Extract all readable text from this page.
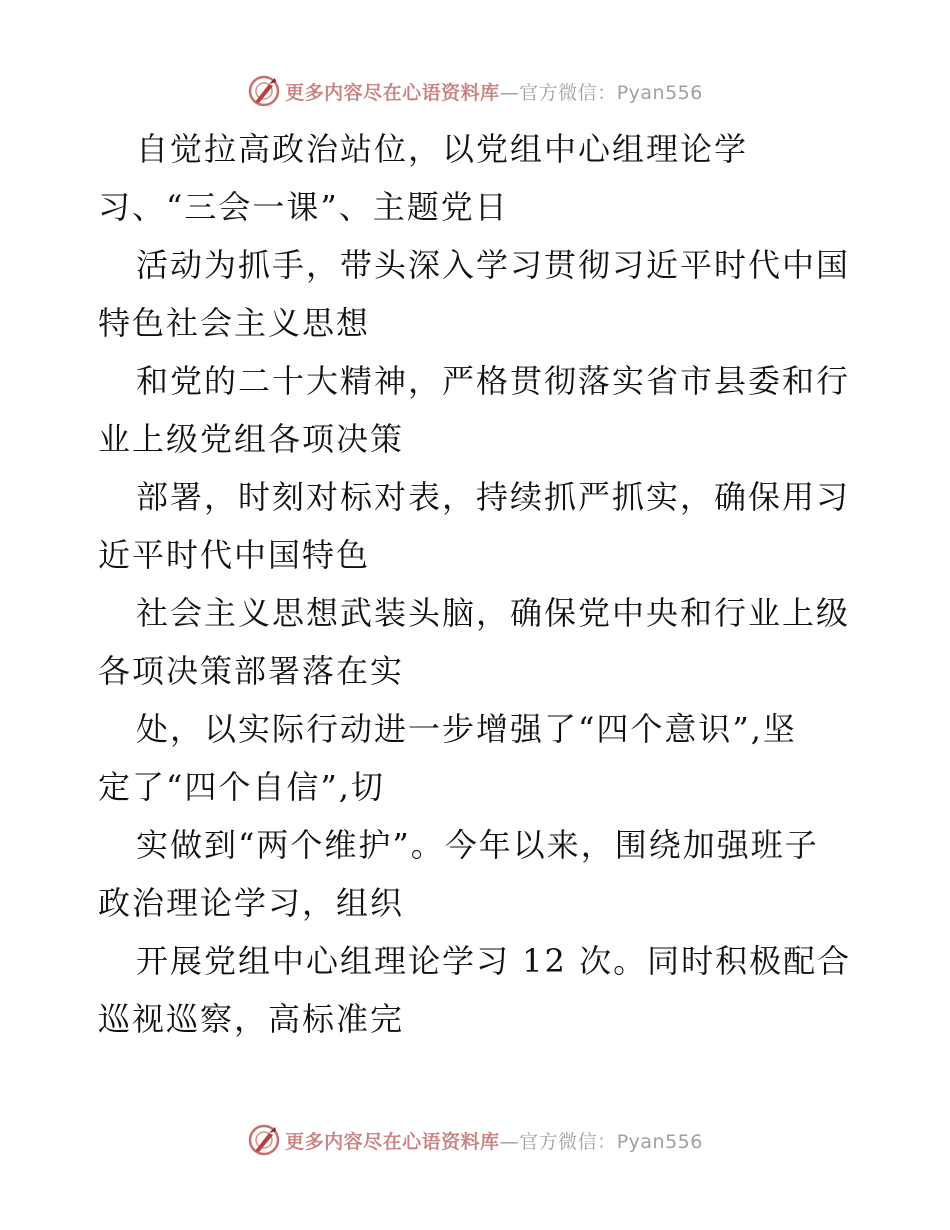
更多内容尽在心语资料库—官方微信：Pyan556
自觉拉高政治站位，以党组中心组理论学
习、“三会一课”、主题党日
活动为抓手，带头深入学习贯彻习近平时代中国
特色社会主义思想
和党的二十大精神，严格贯彻落实省市县委和行
业上级党组各项决策
部署，时刻对标对表，持续抓严抓实，确保用习
近平时代中国特色
社会主义思想武装头脑，确保党中央和行业上级
各项决策部署落在实
处，以实际行动进一步增强了“四个意识”,坚
定了“四个自信”,切
实做到“两个维护”。今年以来，围绕加强班子
政治理论学习，组织
开展党组中心组理论学习 12 次。同时积极配合
巡视巡察，高标准完
更多内容尽在心语资料库—官方微信：Pyan556
